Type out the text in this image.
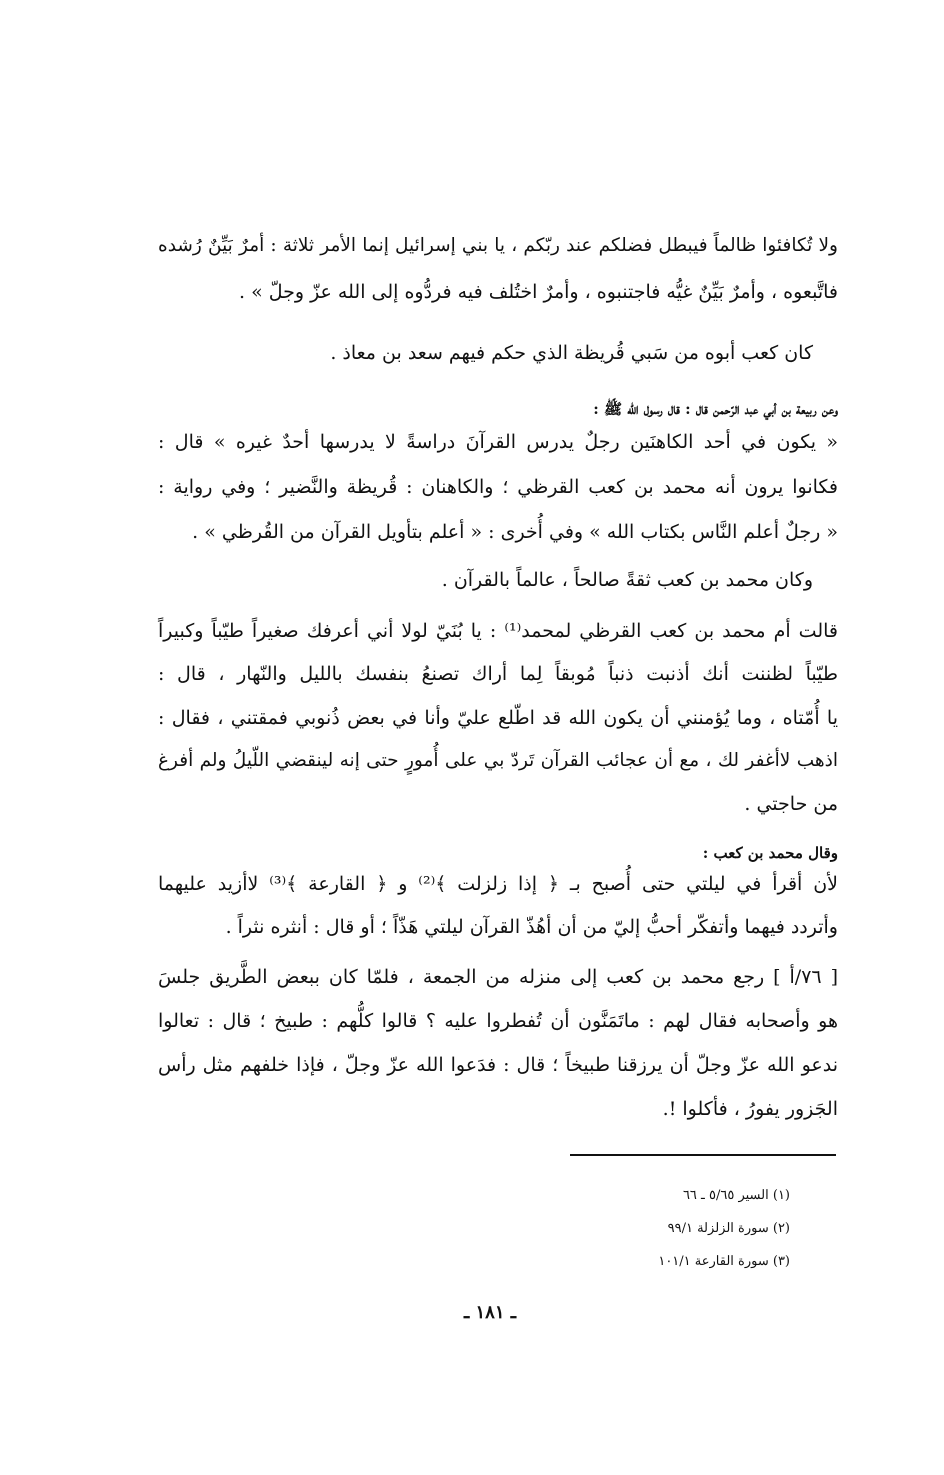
ولا تُكافئوا ظالماً فيبطل فضلكم عند ربّكم ، يا بني إسرائيل إنما الأمر ثلاثة : أمرٌ بَيِّنٌ رُشده
فاتَّبعوه ، وأمرٌ بَيِّنٌ غيُّه فاجتنبوه ، وأمرٌ اختُلف فيه فردُّوه إلى الله عزّ وجلّ » .
كان كعب أبوه من سَبي قُريظة الذي حكم فيهم سعد بن معاذ .
وعن ربيعة بن أبي عبد الرّحمن قال : قال رسول الله ﷺ :
« يكون في أحد الكاهنَين رجلٌ يدرس القرآنَ دراسةً لا يدرسها أحدٌ غيره » قال :
فكانوا يرون أنه محمد بن كعب القرظي ؛ والكاهنان : قُريظة والنَّضير ؛ وفي رواية :
« رجلٌ أعلم النَّاس بكتاب الله » وفي أُخرى : « أعلم بتأويل القرآن من القُرظي » .
وكان محمد بن كعب ثقةً صالحاً ، عالماً بالقرآن .
قالت أم محمد بن كعب القرظي لمحمد⁽¹⁾ : يا بُنَيّ لولا أني أعرفك صغيراً طيّباً وكبيراً
طيّباً لظننت أنك أذنبت ذنباً مُوبقاً لِما أراك تصنعُ بنفسك بالليل والنّهار ، قال :
يا أُمّتاه ، وما يُؤمنني أن يكون الله قد اطّلع عليّ وأنا في بعض ذُنوبي فمقتني ، فقال :
اذهب لاأغفر لك ، مع أن عجائب القرآن تَردّ بي على أُمورٍ حتى إنه لينقضي اللّيلُ ولم أفرغ
من حاجتي .
وقال محمد بن كعب :
لأن أقرأ في ليلتي حتى أُصبح بـ ﴿ إذا زلزلت ﴾⁽²⁾ و ﴿ القارعة ﴾⁽³⁾ لاأزيد عليهما
وأتردد فيهما وأتفكّر أحبُّ إليّ من أن أهُذّ القرآن ليلتي هَذّاً ؛ أو قال : أنثره نثراً .
[ ٧٦/أ ] رجع محمد بن كعب إلى منزله من الجمعة ، فلمّا كان ببعض الطَّريق جلسَ
هو وأصحابه فقال لهم : ماتَمَنَّون أن تُفطروا عليه ؟ قالوا كلُّهم : طبيخ ؛ قال : تعالوا
ندعو الله عزّ وجلّ أن يرزقنا طبيخاً ؛ قال : فدَعوا الله عزّ وجلّ ، فإذا خلفهم مثل رأس
الجَزور يفورُ ، فأكلوا !.
(١) السير ٥/٦٥ ـ ٦٦
(٢) سورة الزلزلة ٩٩/١
(٣) سورة القارعة ١٠١/١
ـ ١٨١ ـ
